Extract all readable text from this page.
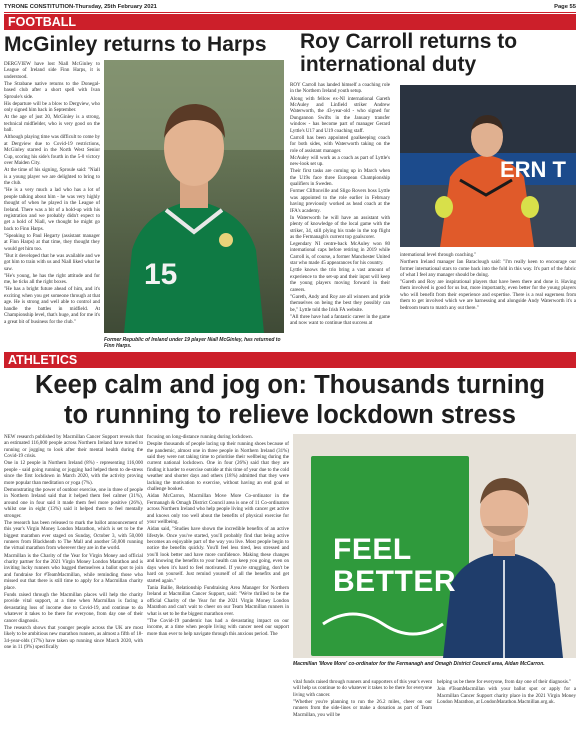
TYRONE CONSTITUTION-Thursday, 25th February 2021	Page 55
FOOTBALL
McGinley returns to Harps

DERGVIEW have lost Niall McGinley to League of Ireland side Finn Harps, it is understood.

The Strabane native returns to the Donegal-based club after a short spell with Ivan Sproule's side.

His departure will be a blow to Dergview, who only signed him back in September.

At the age of just 20, McGinley is a strong, technical midfielder, who is very good on the ball.

Although playing time was difficult to come by at Dergview due to Covid-19 restrictions, McGinley starred in the North West Senior Cup, scoring his side's fourth in the 5-0 victory over Maiden City.

At the time of his signing, Sproule said: "Niall is a young player we are delighted to bring to the club.

"He is a very much a lad who has a lot of people talking about him - he was very highly thought of when he played in the League of Ireland. There was a bit of a hold-up with his registration and we probably didn't expect to get a hold of Niall, we thought he might go back to Finn Harps.

"Speaking to Paul Hegarty (assistant manager at Finn Harps) at that time, they thought they would get him too.

"But it developed that he was available and we got him to train with us and Niall liked what he saw.

"He's young, he has the right attitude and for me, he ticks all the right boxes.

"He has a bright future ahead of him, and it's exciting when you get someone through at that age. He is strong and well able to control and handle the battles in midfield. At Championship level, that's huge, and for me it's a great bit of business for the club."

15
Former Republic of Ireland under 19 player Niall McGinley, has returned to Finn Harps.
Roy Carroll returns to international duty

ROY Carroll has landed himself a coaching role in the Northern Ireland youth setup.

Along with fellow ex-NI international Gareth McAuley and Linfield striker Andrew Waterworth, the 43-year-old - who signed for Dungannon Swifts in the January transfer window - has become part of manager Gerard Lyttle's U17 and U19 coaching staff.

Carroll has been appointed goalkeeping coach for both sides, with Waterworth taking on the role of assistant manager.

McAuley will work as a coach as part of Lyttle's new-look set up.

Their first tasks are coming up in March when the U19s face three European Championship qualifiers in Sweden.

Former Cliftonville and Sligo Rovers boss Lyttle was appointed to the role earlier in February having previously worked as head coach at the IFA's academy.

In Waterworth he will have an assistant with plenty of knowledge of the local game with the striker, 34, still plying his trade in the top flight as the Fermanagh's current top goalscorer.

Legendary NI centre-back McAuley won 80 international caps before retiring in 2019 while Carroll is, of course, a former Manchester United star who made 45 appearances for his country.

Lyttle knows the trio bring a vast amount of experience to the set-up and their input will keep the young players moving forward in their careers.

"Gareth, Andy and Roy are all winners and pride themselves on being the best they possibly can be," Lyttle told the Irish FA website.

"All three have had a fantastic career in the game and now want to continue that success at

ERN T

international level through coaching."

Northern Ireland manager Ian Baraclough said: "I'm really keen to encourage our former international stars to come back into the fold in this way. It's part of the fabric of what I feel any manager should be doing.

"Gareth and Roy are inspirational players that have been there and done it. Having them involved is good for us but, more importantly, even better for the young players who will benefit from their experience and expertise. There is a real eagerness from them to get involved which we are harnessing and alongside Andy Waterworth it's a bedroom team to match any out there."

ATHLETICS
Keep calm and jog on: Thousands turning
to running to relieve lockdown stress

NEW research published by Macmillan Cancer Support reveals that an estimated 116,000 people across Northern Ireland have turned to running or jogging to look after their mental health during the Covid-19 crisis.

One in 12 people in Northern Ireland (8%) - representing 116,000 people - said going running or jogging had helped them to de-stress since the first lockdown in March 2020, with the activity proving more popular than meditation or yoga (7%).

Demonstrating the power of outdoor exercise, one in three of people in Northern Ireland said that it helped them feel calmer (31%), around one in four said it made them feel more positive (26%), whilst one in eight (13%) said it helped them to feel mentally stronger.

The research has been released to mark the ballot announcement of this year's Virgin Money London Marathon, which is set to be the biggest marathon ever staged on Sunday, October 3, with 50,000 runners from Blackheath to The Mall and another 50,000 running the virtual marathon from wherever they are in the world.

Macmillan is the Charity of the Year for Virgin Money and official charity partner for the 2021 Virgin Money London Marathon and is inviting lucky runners who bagged themselves a ballot spot to join and fundraise for #TeamMacmillan, while reminding those who missed out that there is still time to apply for a Macmillan charity place.

Funds raised through the Macmillan places will help the charity provide vital support, at a time when Macmillan is facing a devastating loss of income due to Covid-19, and continue to do whatever it takes to be there for everyone, from day one of their cancer diagnosis.

The research shows that younger people across the UK are most likely to be ambitious new marathon runners, as almost a fifth of 18-34-year-olds (17%) have taken up running since March 2020, with one in 11 (9%) specifically

focusing on long-distance running during lockdown.

Despite thousands of people lacing up their running shoes because of the pandemic, almost one in three people in Northern Ireland (31%) said they were not taking time to prioritise their wellbeing during the current national lockdown. One in four (26%) said that they are finding it harder to exercise outside at this time of year due to the cold weather and shorter days and others (18%) admitted that they were lacking the motivation to exercise, without having an end goal or challenge booked.

Aidan McCarron, Macmillan Move More Co-ordinator in the Fermanagh & Omagh District Council area is one of 11 Co-ordinators across Northern Ireland who help people living with cancer get active and knows only too well about the benefits of physical exercise for your wellbeing.

Aidan said, "Studies have shown the incredible benefits of an active lifestyle. Once you've started, you'll probably find that being active becomes an enjoyable part of the way you live. Most people begin to notice the benefits quickly. You'll feel less tired, less stressed and you'll look better and have more confidence. Making these changes and knowing the benefits to your health can keep you going, even on days when it's hard to feel motivated. If you're struggling, don't be hard on yourself. Just remind yourself of all the benefits and get started again."

Tania Bailie, Relationship Fundraising Area Manager for Northern Ireland at Macmillan Cancer Support, said: "We're thrilled to be the official Charity of the Year for the 2021 Virgin Money London Marathon and can't wait to cheer on our Team Macmillan runners in what is set to be the biggest marathon ever.

"The Covid-19 pandemic has had a devastating impact on our income, at a time when people living with cancer need our support more than ever to help navigate through this anxious period. The

FEEL BETTER
Macmillan 'Move More' co-ordinator for the Fermanagh and Omagh District Council area, Aidan McCarron.

vital funds raised through runners and supporters of this year's event will help us continue to do whatever it takes to be there for everyone living with cancer.

"Whether you're planning to run the 26.2 miles, cheer on our runners from the side-lines or make a donation as part of Team Macmillan, you will be

helping us be there for everyone, from day one of their diagnosis."

Join #TeamMacmillan with your ballot spot or apply for a Macmillan Cancer Support charity place in the 2021 Virgin Money London Marathon, at LondonMarathon.Macmillan.org.uk.
